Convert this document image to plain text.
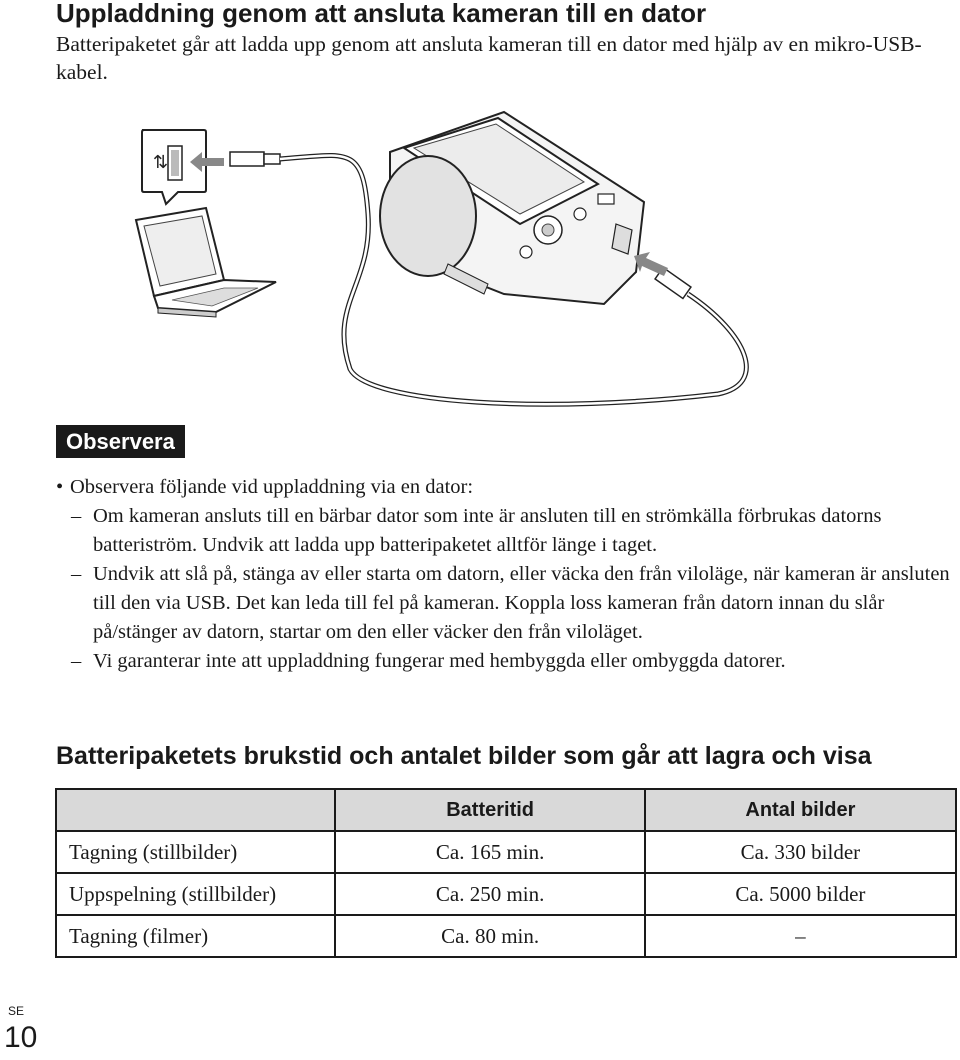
Uppladdning genom att ansluta kameran till en dator
Batteripaketet går att ladda upp genom att ansluta kameran till en dator med hjälp av en mikro-USB-kabel.
⇅
Observera
• Observera följande vid uppladdning via en dator:
– Om kameran ansluts till en bärbar dator som inte är ansluten till en strömkälla förbrukas datorns batteriström. Undvik att ladda upp batteripaketet alltför länge i taget.
– Undvik att slå på, stänga av eller starta om datorn, eller väcka den från viloläge, när kameran är ansluten till den via USB. Det kan leda till fel på kameran. Koppla loss kameran från datorn innan du slår på/stänger av datorn, startar om den eller väcker den från viloläget.
– Vi garanterar inte att uppladdning fungerar med hembyggda eller ombyggda datorer.
Batteripaketets brukstid och antalet bilder som går att lagra och visa
	Batteritid	Antal bilder
Tagning (stillbilder)	Ca. 165 min.	Ca. 330 bilder
Uppspelning (stillbilder)	Ca. 250 min.	Ca. 5000 bilder
Tagning (filmer)	Ca. 80 min.	–
SE
10
